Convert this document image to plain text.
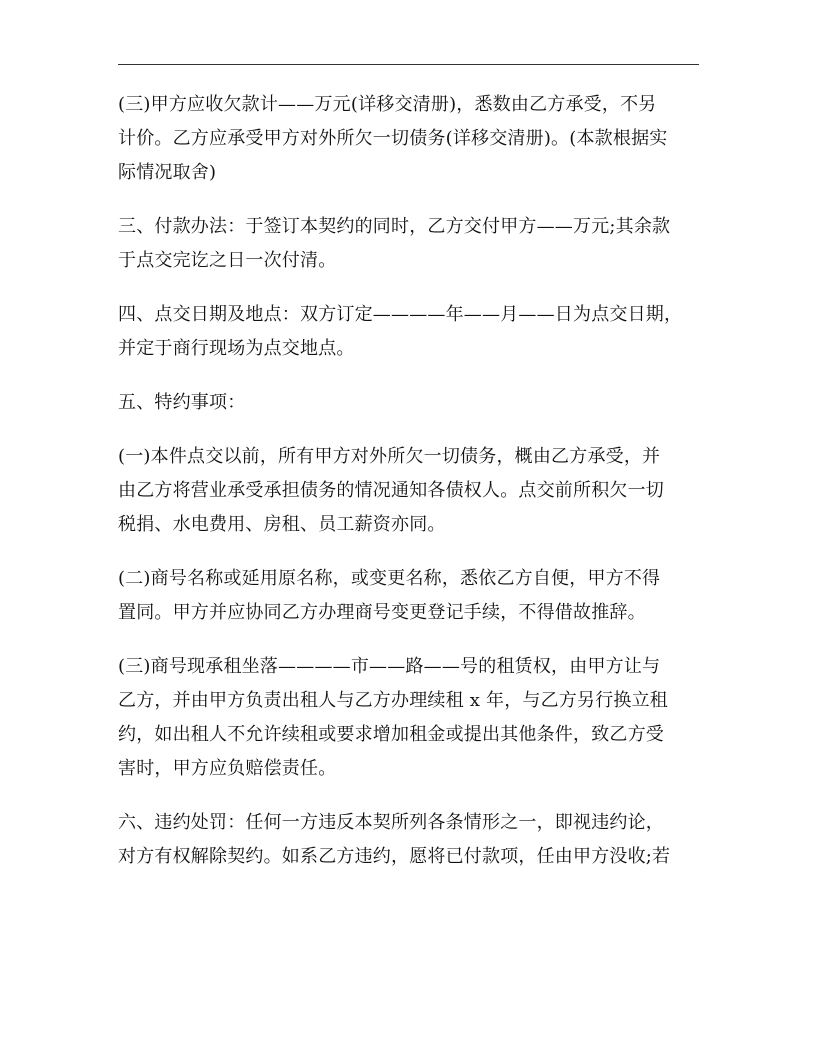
(三)甲方应收欠款计——万元(详移交清册)，悉数由乙方承受，不另
计价。乙方应承受甲方对外所欠一切债务(详移交清册)。(本款根据实
际情况取舍)
三、付款办法：于签订本契约的同时，乙方交付甲方——万元;其余款
于点交完讫之日一次付清。
四、点交日期及地点：双方订定————年——月——日为点交日期，
并定于商行现场为点交地点。
五、特约事项：
(一)本件点交以前，所有甲方对外所欠一切债务，概由乙方承受，并
由乙方将营业承受承担债务的情况通知各债权人。点交前所积欠一切
税捐、水电费用、房租、员工薪资亦同。
(二)商号名称或延用原名称，或变更名称，悉依乙方自便，甲方不得
置同。甲方并应协同乙方办理商号变更登记手续，不得借故推辞。
(三)商号现承租坐落————市——路——号的租赁权，由甲方让与
乙方，并由甲方负责出租人与乙方办理续租 x 年，与乙方另行换立租
约，如出租人不允许续租或要求增加租金或提出其他条件，致乙方受
害时，甲方应负赔偿责任。
六、违约处罚：任何一方违反本契所列各条情形之一，即视违约论，
对方有权解除契约。如系乙方违约，愿将已付款项，任由甲方没收;若
